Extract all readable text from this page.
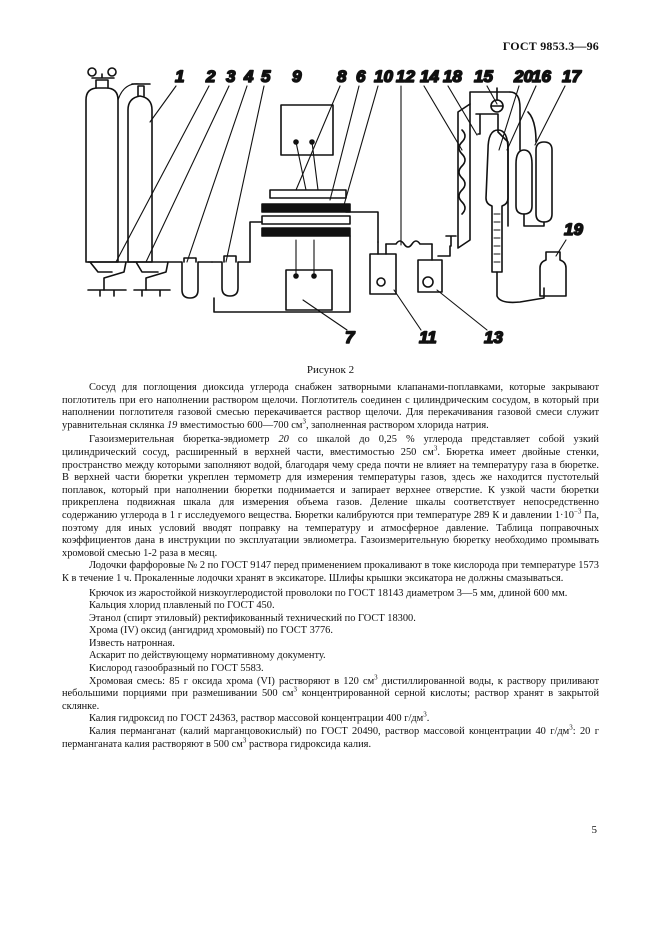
ГОСТ 9853.3—96
1 2 3 4 5 9 8 6 10 12 14 18 15 20 16 17
19
7	11	13
Рисунок 2

Сосуд для поглощения диоксида углерода снабжен затворными клапанами-поплавками, которые закрывают поглотитель при его наполнении раствором щелочи. Поглотитель соединен с цилиндрическим сосудом, в который при наполнении поглотителя газовой смесью перекачивается раствор щелочи. Для перекачивания газовой смеси служит уравнительная склянка 19 вместимостью 600—700 $см^3$, заполненная раствором хлорида натрия.

Газоизмерительная бюретка-эвдиометр 20 со шкалой до 0,25 % углерода представляет собой узкий цилиндрический сосуд, расширенный в верхней части, вместимостью 250 $см^3$. Бюретка имеет двойные стенки, пространство между которыми заполняют водой, благодаря чему среда почти не влияет на температуру газа в бюретке. В верхней части бюретки укреплен термометр для измерения температуры газов, здесь же находится пустотелый поплавок, который при наполнении бюретки поднимается и запирает верхнее отверстие. К узкой части бюретки прикреплена подвижная шкала для измерения объема газов. Деление шкалы соответствует непосредственно содержанию углерода в 1 г исследуемого вещества. Бюретки калибруются при температуре 289 К и давлении $1\cdot 10^{-3}$ Па, поэтому для иных условий вводят поправку на температуру и атмосферное давление. Таблица поправочных коэффициентов дана в инструкции по эксплуатации эвлиометра. Газоизмерительную бюретку необходимо промывать хромовой смесью 1-2 раза в месяц.

Лодочки фарфоровые № 2 по ГОСТ 9147 перед применением прокаливают в токе кислорода при температуре 1573 К в течение 1 ч. Прокаленные лодочки хранят в эксикаторе. Шлифы крышки эксикатора не должны смазываться.

Крючок из жаростойкой низкоуглеродистой проволоки по ГОСТ 18143 диаметром 3—5 мм, длиной 600 мм.

Кальция хлорид плавленый по ГОСТ 450.

Этанол (спирт этиловый) ректификованный технический по ГОСТ 18300.

Хрома (IV) оксид (ангидрид хромовый) по ГОСТ 3776.

Известь натронная.

Аскарит по действующему нормативному документу.

Кислород газообразный по ГОСТ 5583.

Хромовая смесь: 85 г оксида хрома (VI) растворяют в 120 $см^3$ дистиллированной воды, к раствору приливают небольшими порциями при размешивании 500 $см^3$ концентрированной серной кислоты; раствор хранят в закрытой склянке.

Калия гидроксид по ГОСТ 24363, раствор массовой концентрации 400 $г/дм^3$.

Калия перманганат (калий марганцовокислый) по ГОСТ 20490, раствор массовой концентрации 40 $г/дм^3$: 20 г перманганата калия растворяют в 500 $см^3$ раствора гидроксида калия.

5
